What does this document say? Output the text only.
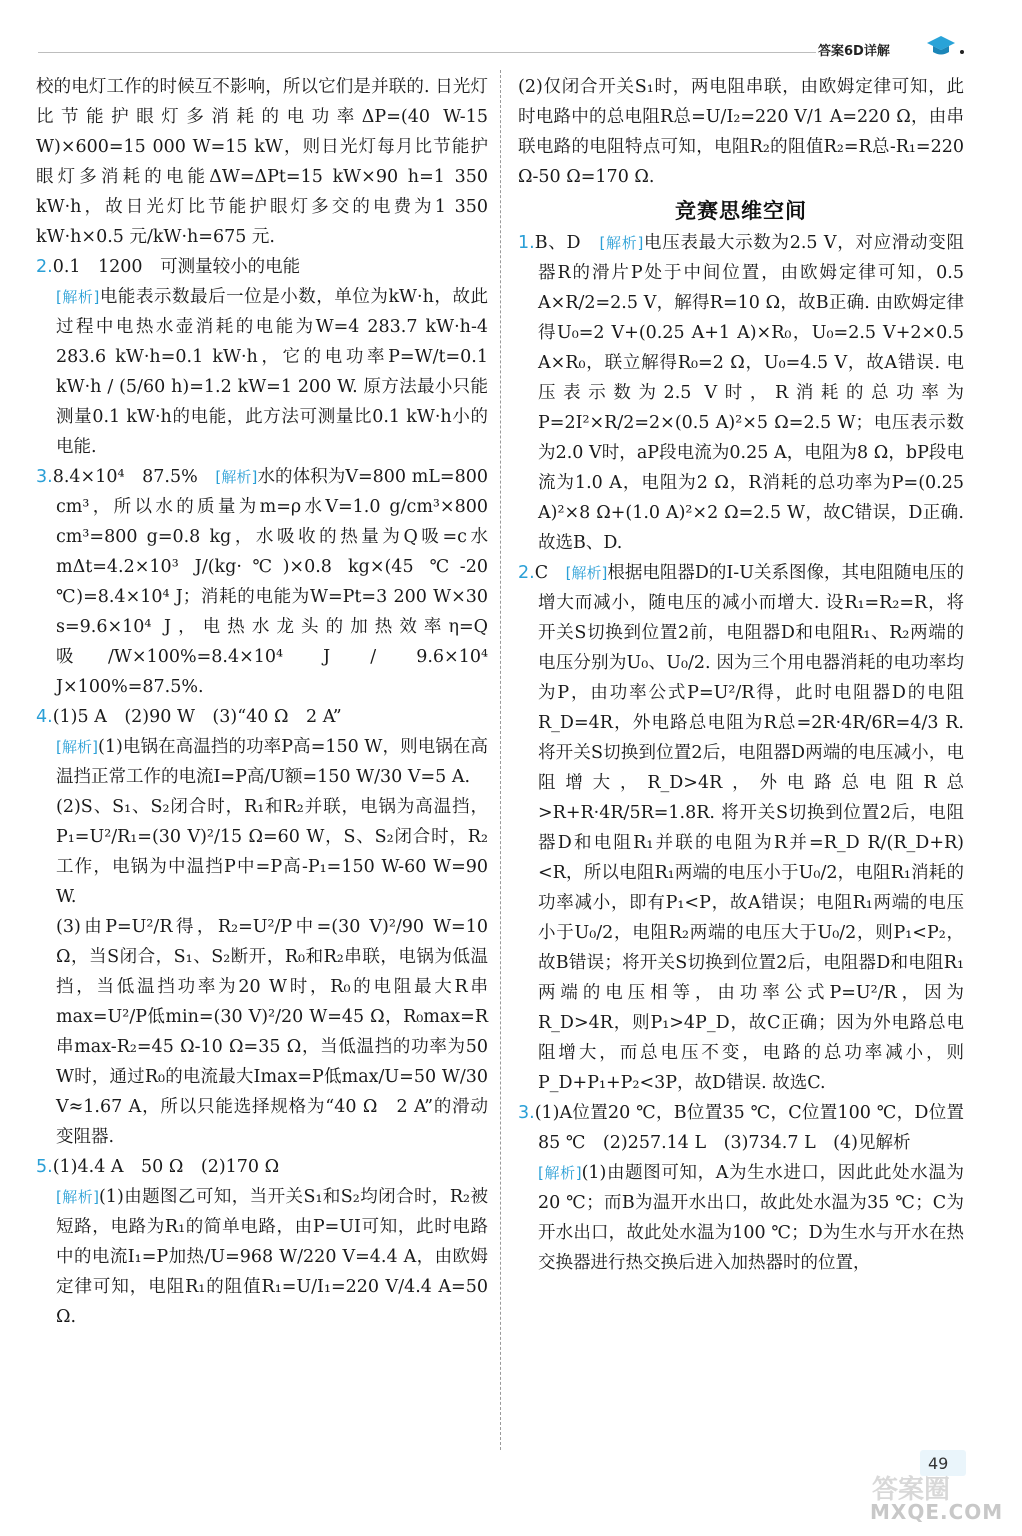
答案6D详解

校的电灯工作的时候互不影响，所以它们是并联的. 日光灯比节能护眼灯多消耗的电功率ΔP=(40 W-15 W)×600=15 000 W=15 kW，则日光灯每月比节能护眼灯多消耗的电能ΔW=ΔPt=15 kW×90 h=1 350 kW·h，故日光灯比节能护眼灯多交的电费为1 350 kW·h×0.5 元/kW·h=675 元.

2.0.1　1200　可测量较小的电能
[解析]电能表示数最后一位是小数，单位为kW·h，故此过程中电热水壶消耗的电能为W=4 283.7 kW·h-4 283.6 kW·h=0.1 kW·h，它的电功率P=W/t=0.1 kW·h / (5/60 h)=1.2 kW=1 200 W. 原方法最小只能测量0.1 kW·h的电能，此方法可测量比0.1 kW·h小的电能.

3.8.4×10⁴　87.5%　[解析]水的体积为V=800 mL=800 cm³，所以水的质量为m=ρ水V=1.0 g/cm³×800 cm³=800 g=0.8 kg，水吸收的热量为Q吸=c水mΔt=4.2×10³ J/(kg·℃)×0.8 kg×(45 ℃-20 ℃)=8.4×10⁴ J；消耗的电能为W=Pt=3 200 W×30 s=9.6×10⁴ J，电热水龙头的加热效率η=Q吸/W×100%=8.4×10⁴ J / 9.6×10⁴ J×100%=87.5%.

4.(1)5 A　(2)90 W　(3)“40 Ω　2 A”
[解析](1)电锅在高温挡的功率P高=150 W，则电锅在高温挡正常工作的电流I=P高/U额=150 W/30 V=5 A.
(2)S、S₁、S₂闭合时，R₁和R₂并联，电锅为高温挡，P₁=U²/R₁=(30 V)²/15 Ω=60 W，S、S₂闭合时，R₂工作，电锅为中温挡P中=P高-P₁=150 W-60 W=90 W.
(3)由P=U²/R得，R₂=U²/P中=(30 V)²/90 W=10 Ω，当S闭合，S₁、S₂断开，R₀和R₂串联，电锅为低温挡，当低温挡功率为20 W时，R₀的电阻最大R串max=U²/P低min=(30 V)²/20 W=45 Ω，R₀max=R串max-R₂=45 Ω-10 Ω=35 Ω，当低温挡的功率为50 W时，通过R₀的电流最大Imax=P低max/U=50 W/30 V≈1.67 A，所以只能选择规格为“40 Ω　2 A”的滑动变阻器.

5.(1)4.4 A　50 Ω　(2)170 Ω
[解析](1)由题图乙可知，当开关S₁和S₂均闭合时，R₂被短路，电路为R₁的简单电路，由P=UI可知，此时电路中的电流I₁=P加热/U=968 W/220 V=4.4 A，由欧姆定律可知，电阻R₁的阻值R₁=U/I₁=220 V/4.4 A=50 Ω.

(2)仅闭合开关S₁时，两电阻串联，由欧姆定律可知，此时电路中的总电阻R总=U/I₂=220 V/1 A=220 Ω，由串联电路的电阻特点可知，电阻R₂的阻值R₂=R总-R₁=220 Ω-50 Ω=170 Ω.

竞赛思维空间

1.B、D　[解析]电压表最大示数为2.5 V，对应滑动变阻器R的滑片P处于中间位置，由欧姆定律可知，0.5 A×R/2=2.5 V，解得R=10 Ω，故B正确. 由欧姆定律得U₀=2 V+(0.25 A+1 A)×R₀，U₀=2.5 V+2×0.5 A×R₀，联立解得R₀=2 Ω，U₀=4.5 V，故A错误. 电压表示数为2.5 V时，R消耗的总功率为P=2I²×R/2=2×(0.5 A)²×5 Ω=2.5 W；电压表示数为2.0 V时，aP段电流为0.25 A，电阻为8 Ω，bP段电流为1.0 A，电阻为2 Ω，R消耗的总功率为P=(0.25 A)²×8 Ω+(1.0 A)²×2 Ω=2.5 W，故C错误，D正确. 故选B、D.

2.C　[解析]根据电阻器D的I-U关系图像，其电阻随电压的增大而减小，随电压的减小而增大. 设R₁=R₂=R，将开关S切换到位置2前，电阻器D和电阻R₁、R₂两端的电压分别为U₀、U₀/2. 因为三个用电器消耗的电功率均为P，由功率公式P=U²/R得，此时电阻器D的电阻R_D=4R，外电路总电阻为R总=2R·4R/6R=4/3 R. 将开关S切换到位置2后，电阻器D两端的电压减小，电阻增大，R_D>4R，外电路总电阻R总>R+R·4R/5R=1.8R. 将开关S切换到位置2后，电阻器D和电阻R₁并联的电阻为R并=R_D R/(R_D+R)<R，所以电阻R₁两端的电压小于U₀/2，电阻R₁消耗的功率减小，即有P₁<P，故A错误；电阻R₁两端的电压小于U₀/2，电阻R₂两端的电压大于U₀/2，则P₁<P₂，故B错误；将开关S切换到位置2后，电阻器D和电阻R₁两端的电压相等，由功率公式P=U²/R，因为R_D>4R，则P₁>4P_D，故C正确；因为外电路总电阻增大，而总电压不变，电路的总功率减小，则P_D+P₁+P₂<3P，故D错误. 故选C.

3.(1)A位置20 ℃，B位置35 ℃，C位置100 ℃，D位置85 ℃　(2)257.14 L　(3)734.7 L　(4)见解析
[解析](1)由题图可知，A为生水进口，因此此处水温为20 ℃；而B为温开水出口，故此处水温为35 ℃；C为开水出口，故此处水温为100 ℃；D为生水与开水在热交换器进行热交换后进入加热器时的位置，

49
答案圈
MXQE.COM
